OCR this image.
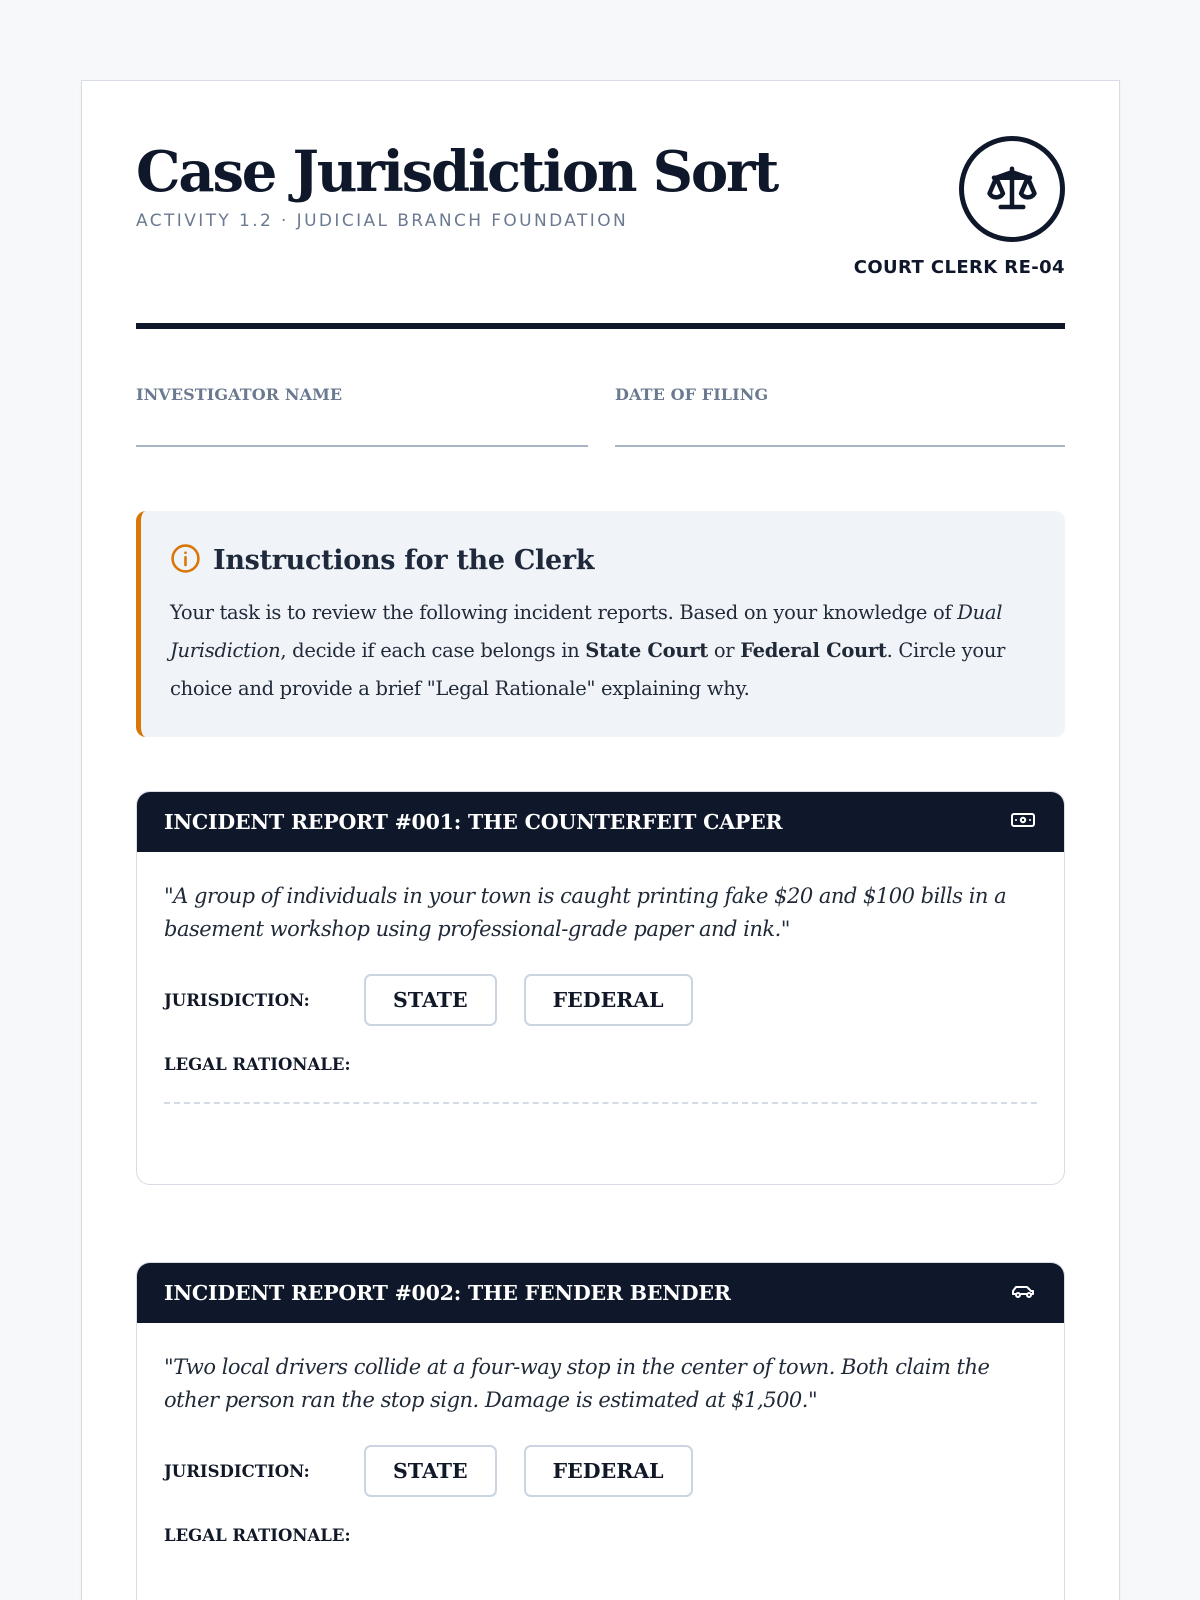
Case Jurisdiction Sort
ACTIVITY 1.2 · JUDICIAL BRANCH FOUNDATION
COURT CLERK RE-04
INVESTIGATOR NAME	DATE OF FILING
Instructions for the Clerk

Your task is to review the following incident reports. Based on your knowledge of Dual Jurisdiction, decide if each case belongs in State Court or Federal Court. Circle your choice and provide a brief "Legal Rationale" explaining why.

INCIDENT REPORT #001: THE COUNTERFEIT CAPER

"A group of individuals in your town is caught printing fake $20 and $100 bills in a basement workshop using professional-grade paper and ink."

JURISDICTION:	STATE	FEDERAL
LEGAL RATIONALE:
INCIDENT REPORT #002: THE FENDER BENDER

"Two local drivers collide at a four-way stop in the center of town. Both claim the other person ran the stop sign. Damage is estimated at $1,500."

JURISDICTION:	STATE	FEDERAL
LEGAL RATIONALE:
